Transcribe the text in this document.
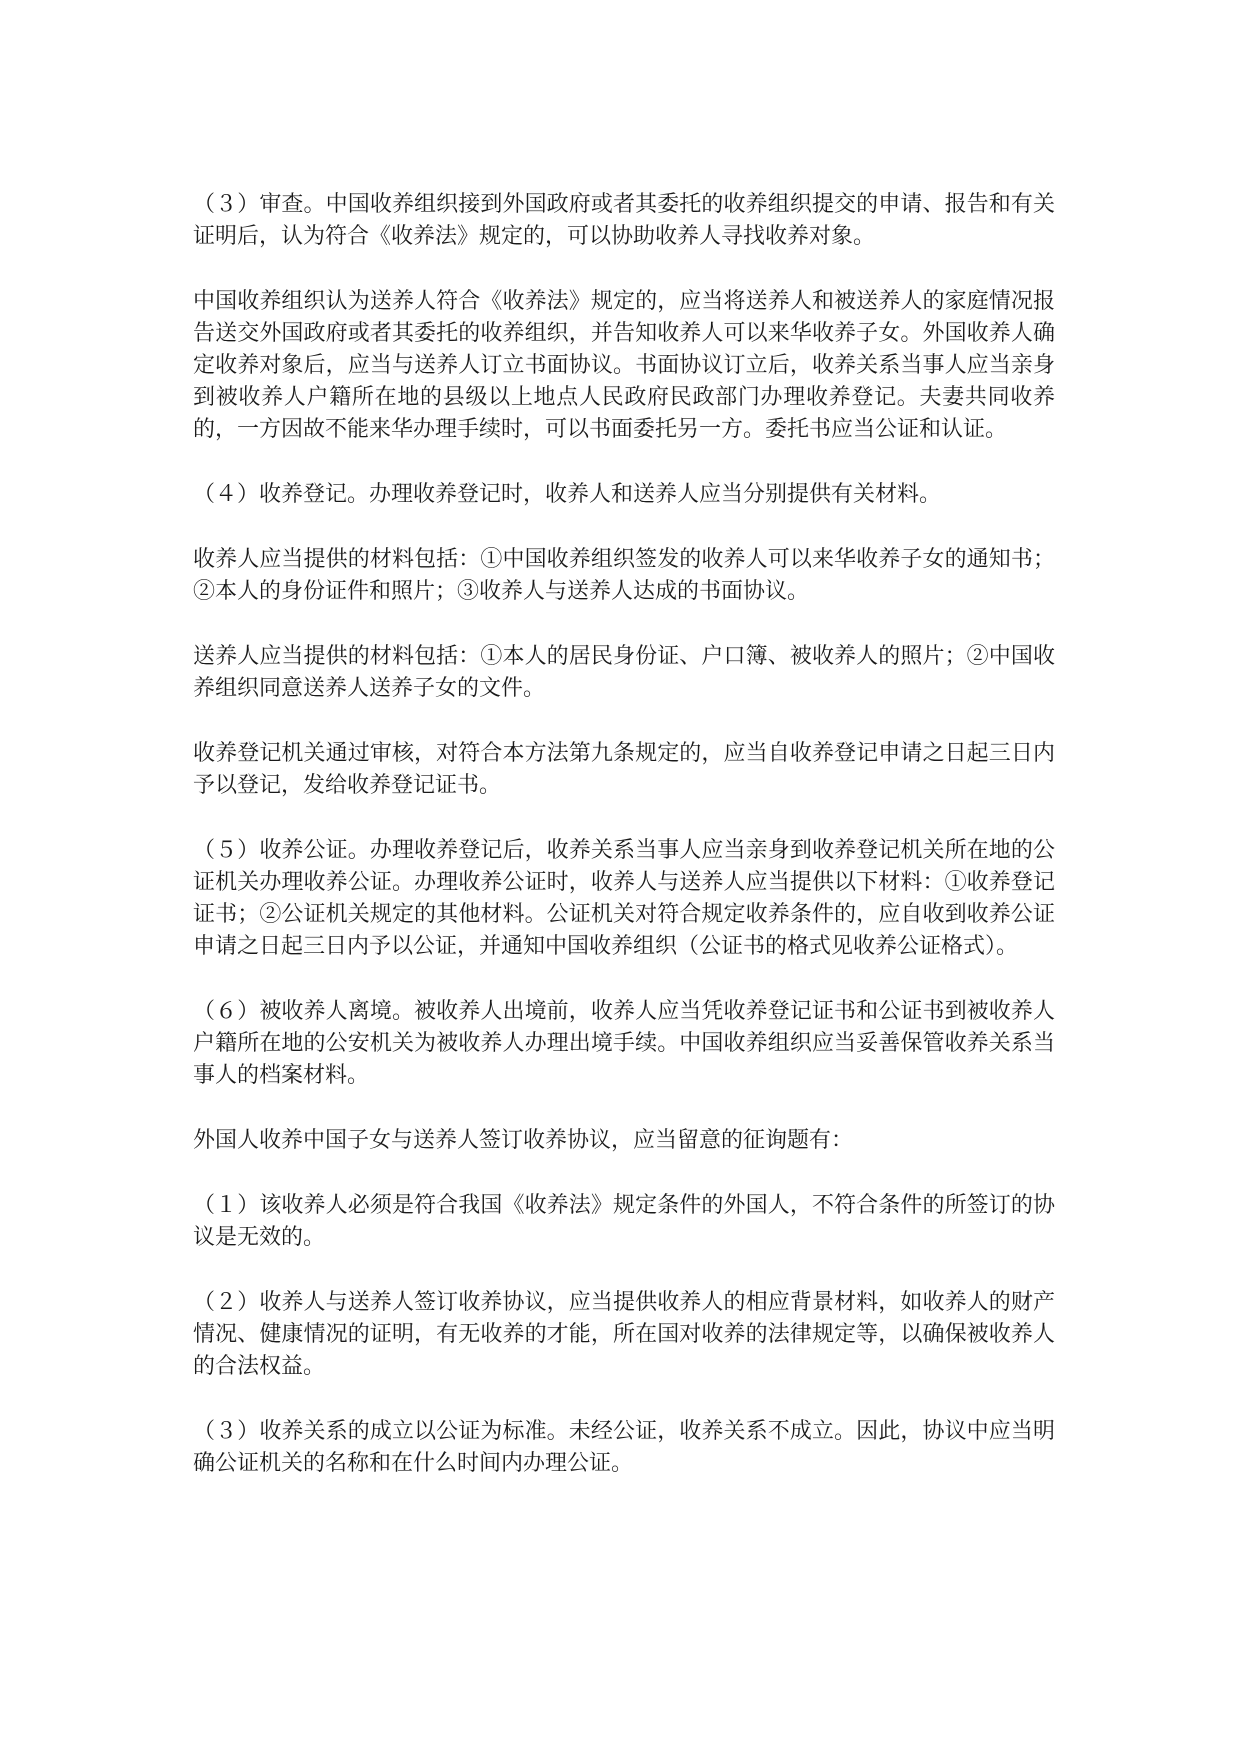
（３）审查。中国收养组织接到外国政府或者其委托的收养组织提交的申请、报告和有关证明后，认为符合《收养法》规定的，可以协助收养人寻找收养对象。

中国收养组织认为送养人符合《收养法》规定的，应当将送养人和被送养人的家庭情况报告送交外国政府或者其委托的收养组织，并告知收养人可以来华收养子女。外国收养人确定收养对象后，应当与送养人订立书面协议。书面协议订立后，收养关系当事人应当亲身到被收养人户籍所在地的县级以上地点人民政府民政部门办理收养登记。夫妻共同收养的，一方因故不能来华办理手续时，可以书面委托另一方。委托书应当公证和认证。

（４）收养登记。办理收养登记时，收养人和送养人应当分别提供有关材料。

收养人应当提供的材料包括：①中国收养组织签发的收养人可以来华收养子女的通知书；②本人的身份证件和照片；③收养人与送养人达成的书面协议。

送养人应当提供的材料包括：①本人的居民身份证、户口簿、被收养人的照片；②中国收养组织同意送养人送养子女的文件。

收养登记机关通过审核，对符合本方法第九条规定的，应当自收养登记申请之日起三日内予以登记，发给收养登记证书。

（５）收养公证。办理收养登记后，收养关系当事人应当亲身到收养登记机关所在地的公证机关办理收养公证。办理收养公证时，收养人与送养人应当提供以下材料：①收养登记证书；②公证机关规定的其他材料。公证机关对符合规定收养条件的，应自收到收养公证申请之日起三日内予以公证，并通知中国收养组织（公证书的格式见收养公证格式）。

（６）被收养人离境。被收养人出境前，收养人应当凭收养登记证书和公证书到被收养人户籍所在地的公安机关为被收养人办理出境手续。中国收养组织应当妥善保管收养关系当事人的档案材料。

外国人收养中国子女与送养人签订收养协议，应当留意的征询题有：

（１）该收养人必须是符合我国《收养法》规定条件的外国人，不符合条件的所签订的协议是无效的。

（２）收养人与送养人签订收养协议，应当提供收养人的相应背景材料，如收养人的财产情况、健康情况的证明，有无收养的才能，所在国对收养的法律规定等，以确保被收养人的合法权益。

（３）收养关系的成立以公证为标准。未经公证，收养关系不成立。因此，协议中应当明确公证机关的名称和在什么时间内办理公证。
